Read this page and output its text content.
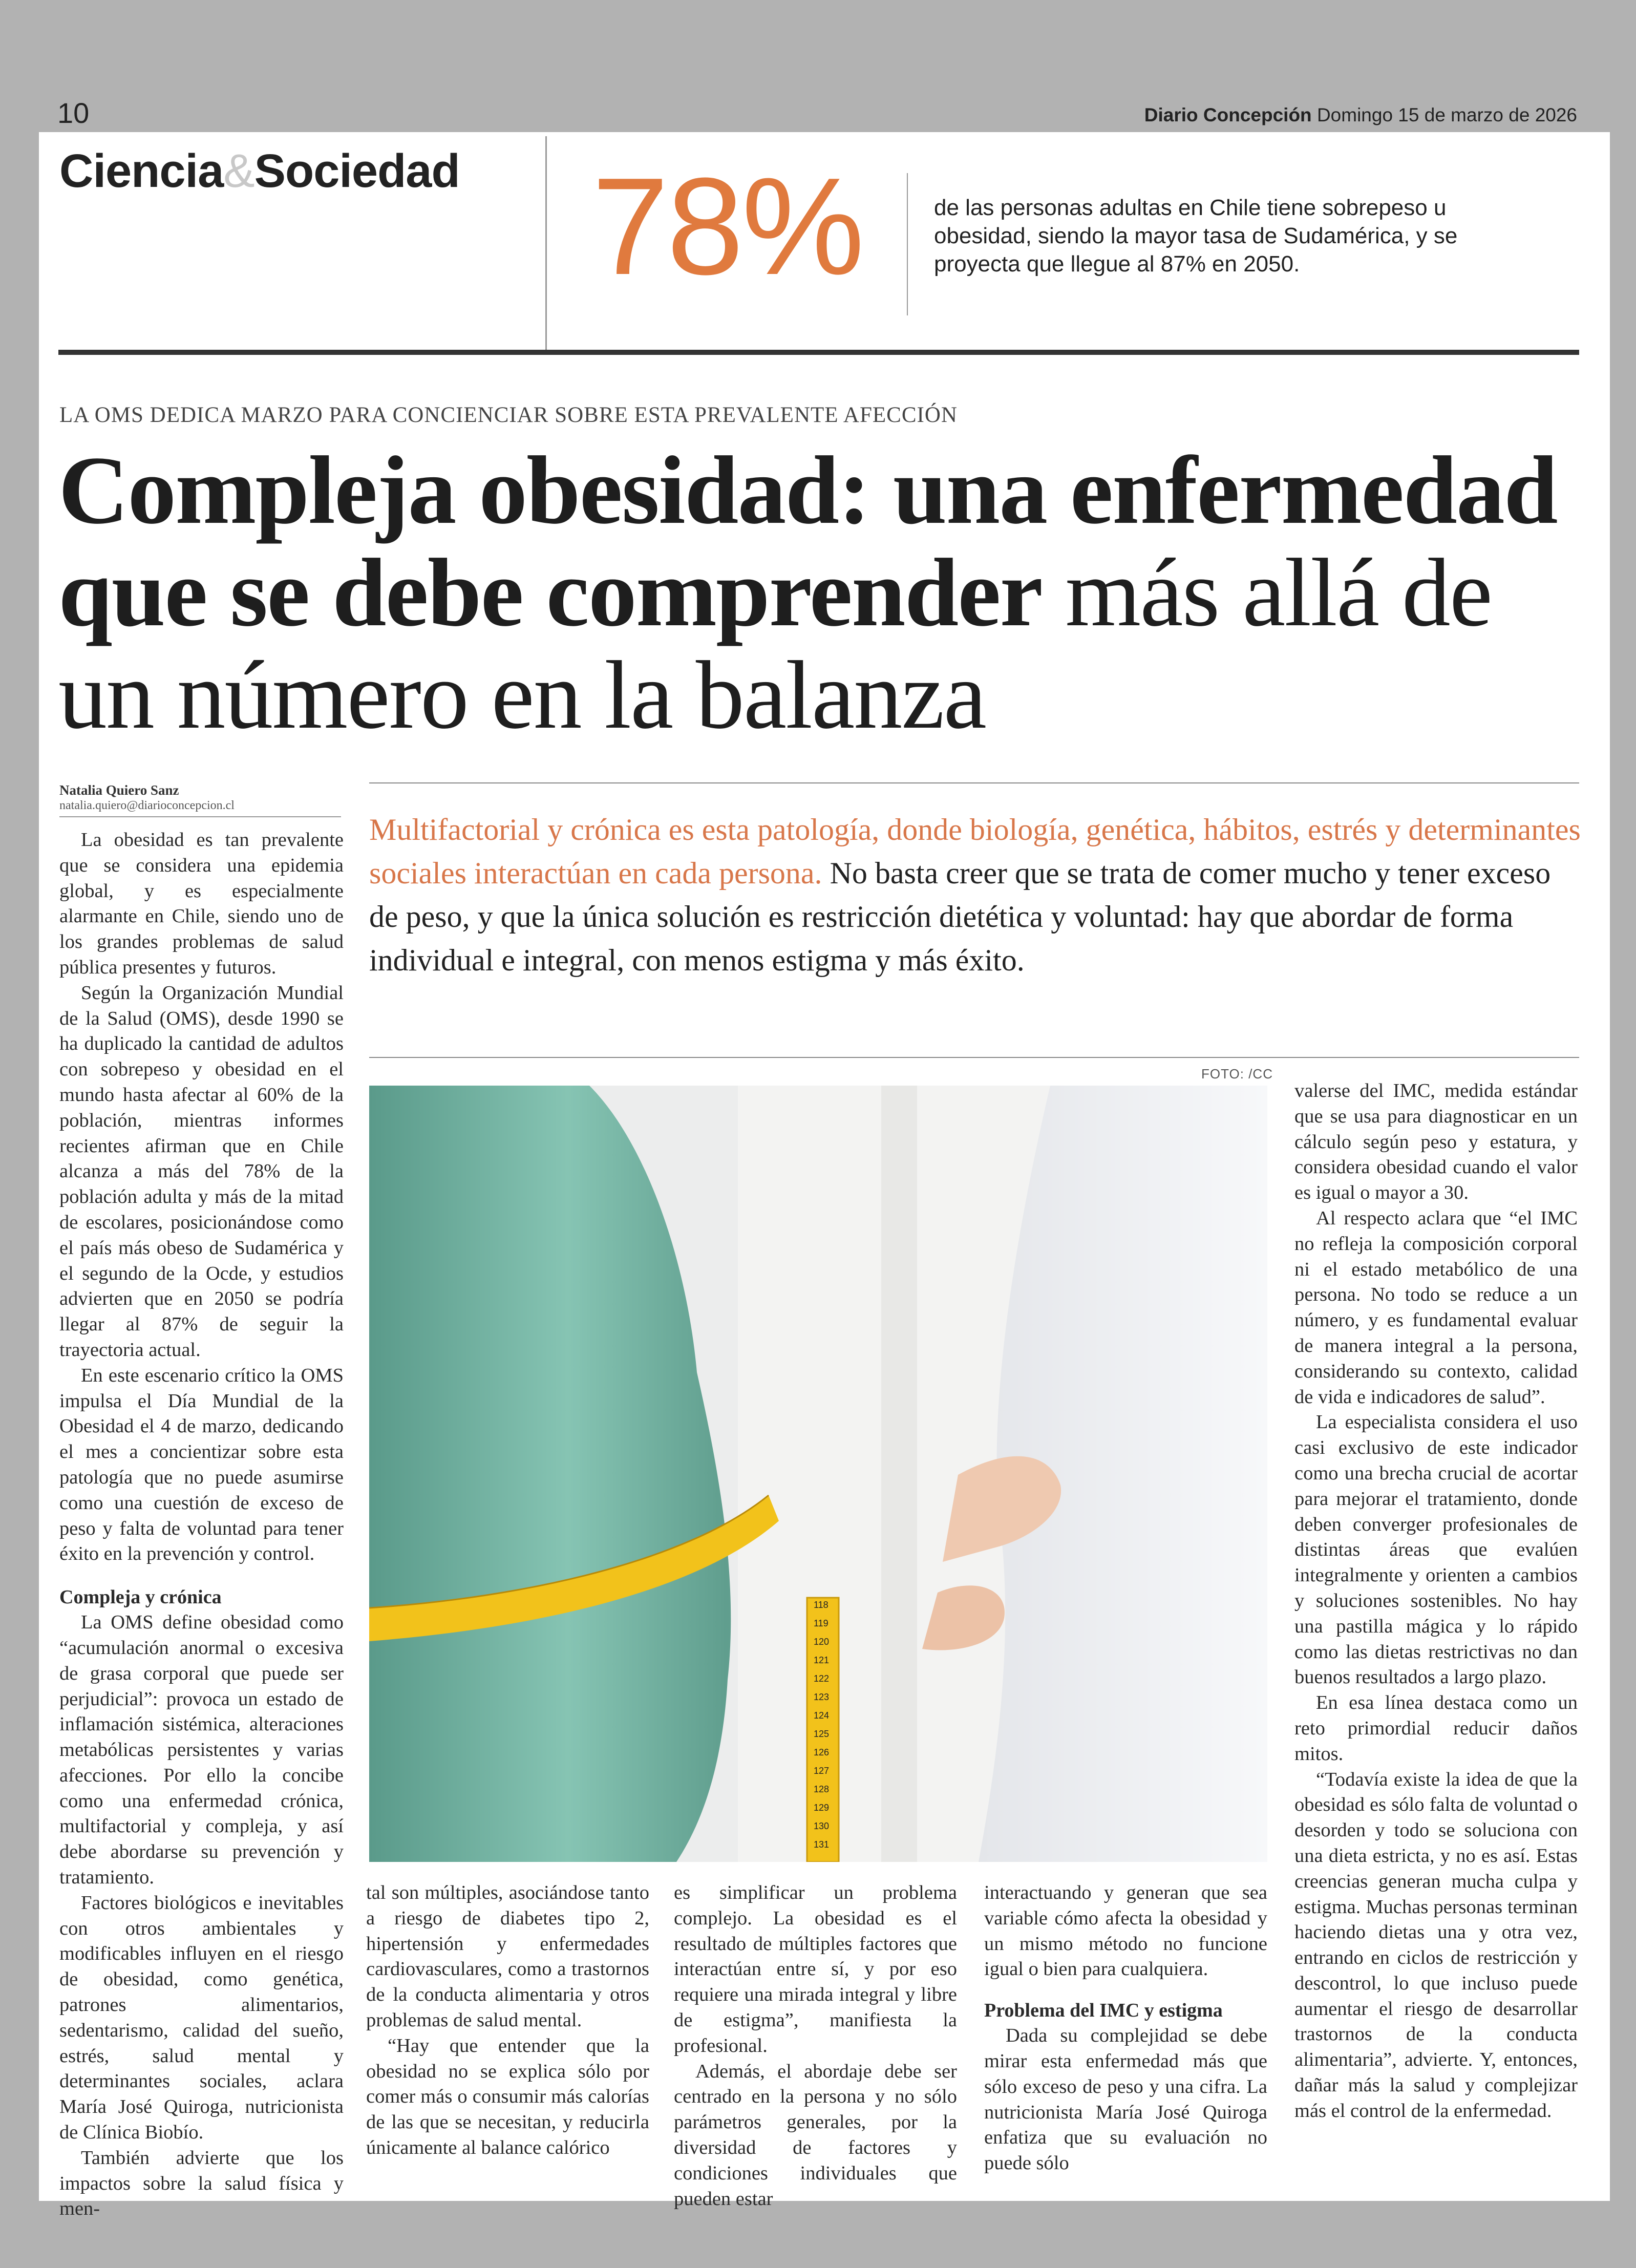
10	Diario Concepción Domingo 15 de marzo de 2026
Ciencia&Sociedad 78%	de las personas adultas en Chile tiene sobrepeso u obesidad, siendo la mayor tasa de Sudamérica, y se proyecta que llegue al 87% en 2050.
LA OMS DEDICA MARZO PARA CONCIENCIAR SOBRE ESTA PREVALENTE AFECCIÓN
Compleja obesidad: una enfermedad que se debe comprender más allá de un número en la balanza
Natalia Quiero Sanz
natalia.quiero@diarioconcepcion.cl
Multifactorial y crónica es esta patología, donde biología, genética, hábitos, estrés y determinantes sociales interactúan en cada persona. No basta creer que se trata de comer mucho y tener exceso de peso, y que la única solución es restricción dietética y voluntad: hay que abordar de forma individual e integral, con menos estigma y más éxito.
FOTO: /CC
118
119
120
121
122
123
124
125
126
127
128
129
130
131

La obesidad es tan prevalente que se considera una epidemia global, y es especialmente alarmante en Chile, siendo uno de los grandes problemas de salud pública presentes y futuros.

Según la Organización Mundial de la Salud (OMS), desde 1990 se ha duplicado la cantidad de adultos con sobrepeso y obesidad en el mundo hasta afectar al 60% de la población, mientras informes recientes afirman que en Chile alcanza a más del 78% de la población adulta y más de la mitad de escolares, posicionándose como el país más obeso de Sudamérica y el segundo de la Ocde, y estudios advierten que en 2050 se podría llegar al 87% de seguir la trayectoria actual.

En este escenario crítico la OMS impulsa el Día Mundial de la Obesidad el 4 de marzo, dedicando el mes a concientizar sobre esta patología que no puede asumirse como una cuestión de exceso de peso y falta de voluntad para tener éxito en la prevención y control.

Compleja y crónica

La OMS define obesidad como “acumulación anormal o excesiva de grasa corporal que puede ser perjudicial”: provoca un estado de inflamación sistémica, alteraciones metabólicas persistentes y varias afecciones. Por ello la concibe como una enfermedad crónica, multifactorial y compleja, y así debe abordarse su prevención y tratamiento.

Factores biológicos e inevitables con otros ambientales y modificables influyen en el riesgo de obesidad, como genética, patrones alimentarios, sedentarismo, calidad del sueño, estrés, salud mental y determinantes sociales, aclara María José Quiroga, nutricionista de Clínica Biobío.

También advierte que los impactos sobre la salud física y men-

tal son múltiples, asociándose tanto a riesgo de diabetes tipo 2, hipertensión y enfermedades cardiovasculares, como a trastornos de la conducta alimentaria y otros problemas de salud mental.

“Hay que entender que la obesidad no se explica sólo por comer más o consumir más calorías de las que se necesitan, y reducirla únicamente al balance calórico

es simplificar un problema complejo. La obesidad es el resultado de múltiples factores que interactúan entre sí, y por eso requiere una mirada integral y libre de estigma”, manifiesta la profesional.

Además, el abordaje debe ser centrado en la persona y no sólo parámetros generales, por la diversidad de factores y condiciones individuales que pueden estar

interactuando y generan que sea variable cómo afecta la obesidad y un mismo método no funcione igual o bien para cualquiera.

Problema del IMC y estigma

Dada su complejidad se debe mirar esta enfermedad más que sólo exceso de peso y una cifra. La nutricionista María José Quiroga enfatiza que su evaluación no puede sólo

valerse del IMC, medida estándar que se usa para diagnosticar en un cálculo según peso y estatura, y considera obesidad cuando el valor es igual o mayor a 30.

Al respecto aclara que “el IMC no refleja la composición corporal ni el estado metabólico de una persona. No todo se reduce a un número, y es fundamental evaluar de manera integral a la persona, considerando su contexto, calidad de vida e indicadores de salud”.

La especialista considera el uso casi exclusivo de este indicador como una brecha crucial de acortar para mejorar el tratamiento, donde deben converger profesionales de distintas áreas que evalúen integralmente y orienten a cambios y soluciones sostenibles. No hay una pastilla mágica y lo rápido como las dietas restrictivas no dan buenos resultados a largo plazo.

En esa línea destaca como un reto primordial reducir daños mitos.

“Todavía existe la idea de que la obesidad es sólo falta de voluntad o desorden y todo se soluciona con una dieta estricta, y no es así. Estas creencias generan mucha culpa y estigma. Muchas personas terminan haciendo dietas una y otra vez, entrando en ciclos de restricción y descontrol, lo que incluso puede aumentar el riesgo de desarrollar trastornos de la conducta alimentaria”, advierte. Y, entonces, dañar más la salud y complejizar más el control de la enfermedad.
